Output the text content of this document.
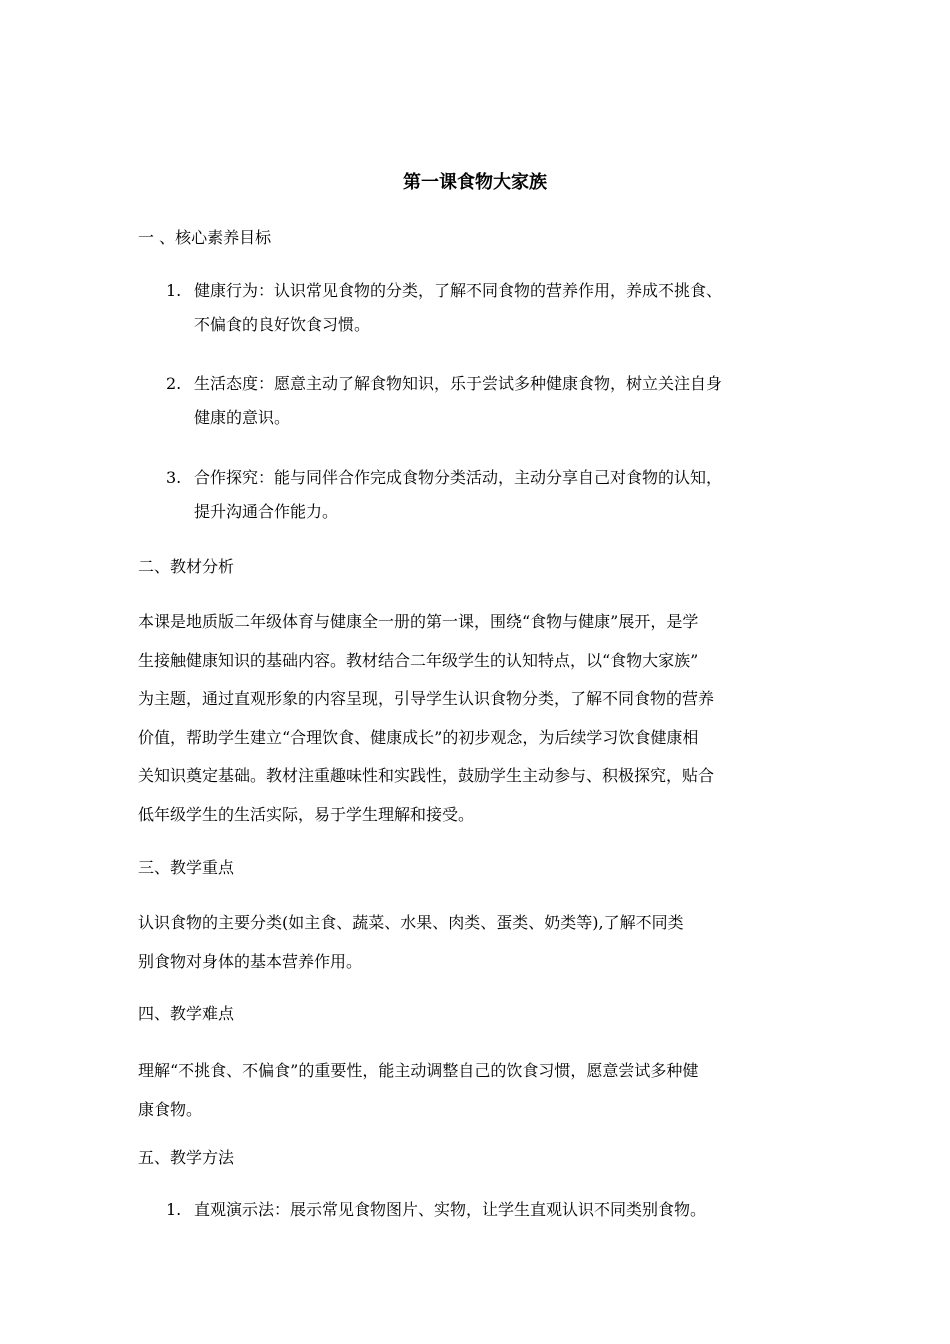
第一课食物大家族
一 、核心素养目标
1. 健康行为：认识常见食物的分类，了解不同食物的营养作用，养成不挑食、
不偏食的良好饮食习惯。
2. 生活态度：愿意主动了解食物知识，乐于尝试多种健康食物，树立关注自身
健康的意识。
3. 合作探究：能与同伴合作完成食物分类活动，主动分享自己对食物的认知，
提升沟通合作能力。
二、教材分析

本课是地质版二年级体育与健康全一册的第一课，围绕“食物与健康”展开，是学

生接触健康知识的基础内容。教材结合二年级学生的认知特点，以“食物大家族”

为主题，通过直观形象的内容呈现，引导学生认识食物分类，了解不同食物的营养

价值，帮助学生建立“合理饮食、健康成长”的初步观念，为后续学习饮食健康相

关知识奠定基础。教材注重趣味性和实践性，鼓励学生主动参与、积极探究，贴合

低年级学生的生活实际，易于学生理解和接受。

三、教学重点

认识食物的主要分类(如主食、蔬菜、水果、肉类、蛋类、奶类等),了解不同类

别食物对身体的基本营养作用。

四、教学难点

理解“不挑食、不偏食”的重要性，能主动调整自己的饮食习惯，愿意尝试多种健

康食物。

五、教学方法
1. 直观演示法：展示常见食物图片、实物，让学生直观认识不同类别食物。
